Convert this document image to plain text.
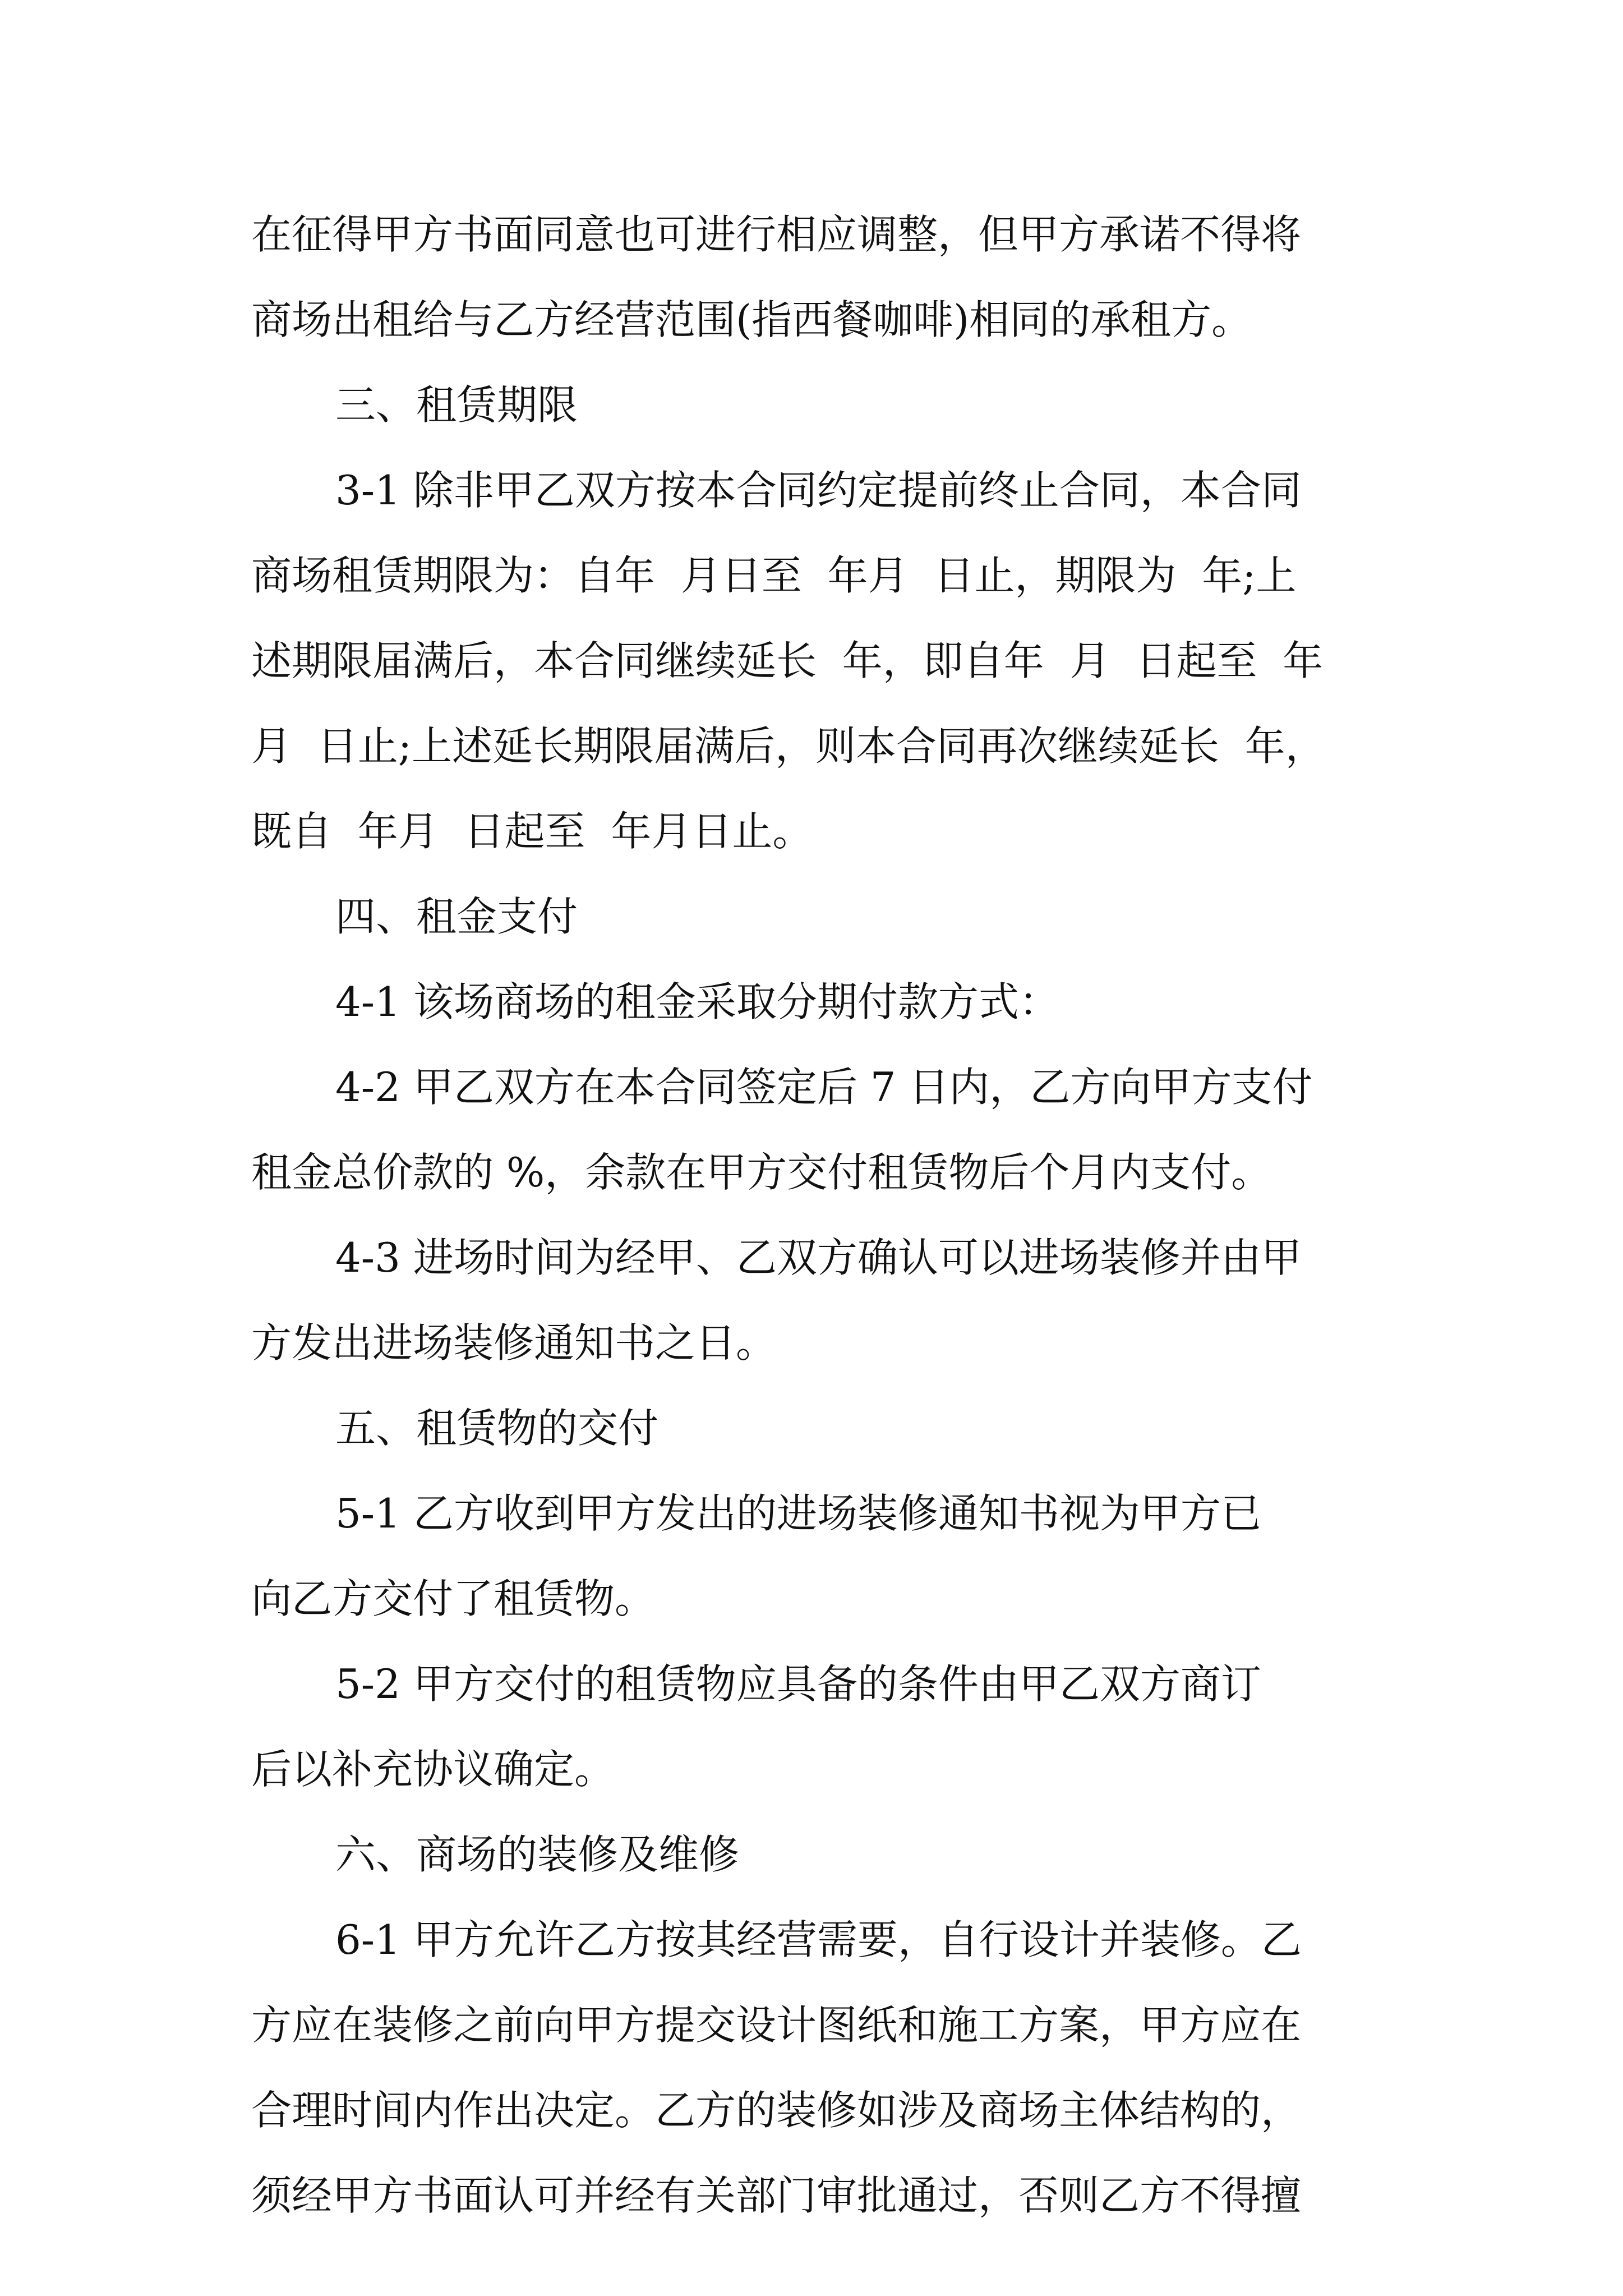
在征得甲方书面同意也可进行相应调整，但甲方承诺不得将

商场出租给与乙方经营范围(指西餐咖啡)相同的承租方。

三、租赁期限

3-1 除非甲乙双方按本合同约定提前终止合同，本合同

商场租赁期限为：自年  月日至  年月  日止，期限为  年;上

述期限届满后，本合同继续延长  年，即自年  月  日起至  年

月  日止;上述延长期限届满后，则本合同再次继续延长  年，

既自  年月  日起至  年月日止。

四、租金支付

4-1 该场商场的租金采取分期付款方式：

4-2 甲乙双方在本合同签定后 7 日内，乙方向甲方支付

租金总价款的 %，余款在甲方交付租赁物后个月内支付。

4-3 进场时间为经甲、乙双方确认可以进场装修并由甲

方发出进场装修通知书之日。

五、租赁物的交付

5-1 乙方收到甲方发出的进场装修通知书视为甲方已

向乙方交付了租赁物。

5-2 甲方交付的租赁物应具备的条件由甲乙双方商订

后以补充协议确定。

六、商场的装修及维修

6-1 甲方允许乙方按其经营需要，自行设计并装修。乙

方应在装修之前向甲方提交设计图纸和施工方案，甲方应在

合理时间内作出决定。乙方的装修如涉及商场主体结构的，

须经甲方书面认可并经有关部门审批通过，否则乙方不得擅
